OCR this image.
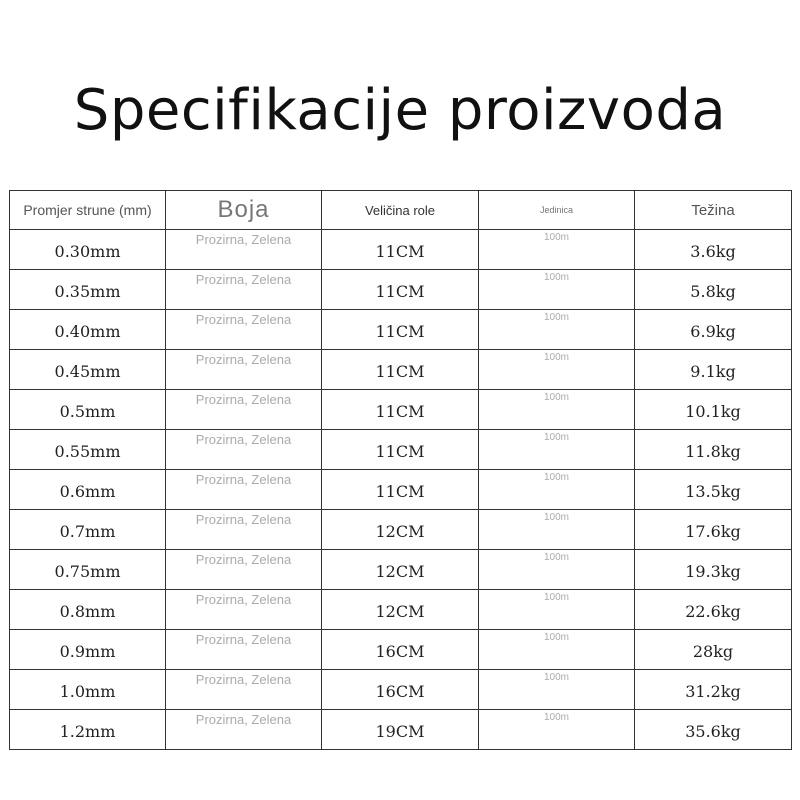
Specifikacije proizvoda
Promjer strune (mm)	Boja	Veličina role	Jedinica	Težina

0.30mm	Prozirna, Zelena	11CM	100m	3.6kg

0.35mm	Prozirna, Zelena	11CM	100m	5.8kg

0.40mm	Prozirna, Zelena	11CM	100m	6.9kg

0.45mm	Prozirna, Zelena	11CM	100m	9.1kg

0.5mm	Prozirna, Zelena	11CM	100m	10.1kg

0.55mm	Prozirna, Zelena	11CM	100m	11.8kg

0.6mm	Prozirna, Zelena	11CM	100m	13.5kg

0.7mm	Prozirna, Zelena	12CM	100m	17.6kg

0.75mm	Prozirna, Zelena	12CM	100m	19.3kg

0.8mm	Prozirna, Zelena	12CM	100m	22.6kg

0.9mm	Prozirna, Zelena	16CM	100m	28kg

1.0mm	Prozirna, Zelena	16CM	100m	31.2kg

1.2mm	Prozirna, Zelena	19CM	100m	35.6kg
